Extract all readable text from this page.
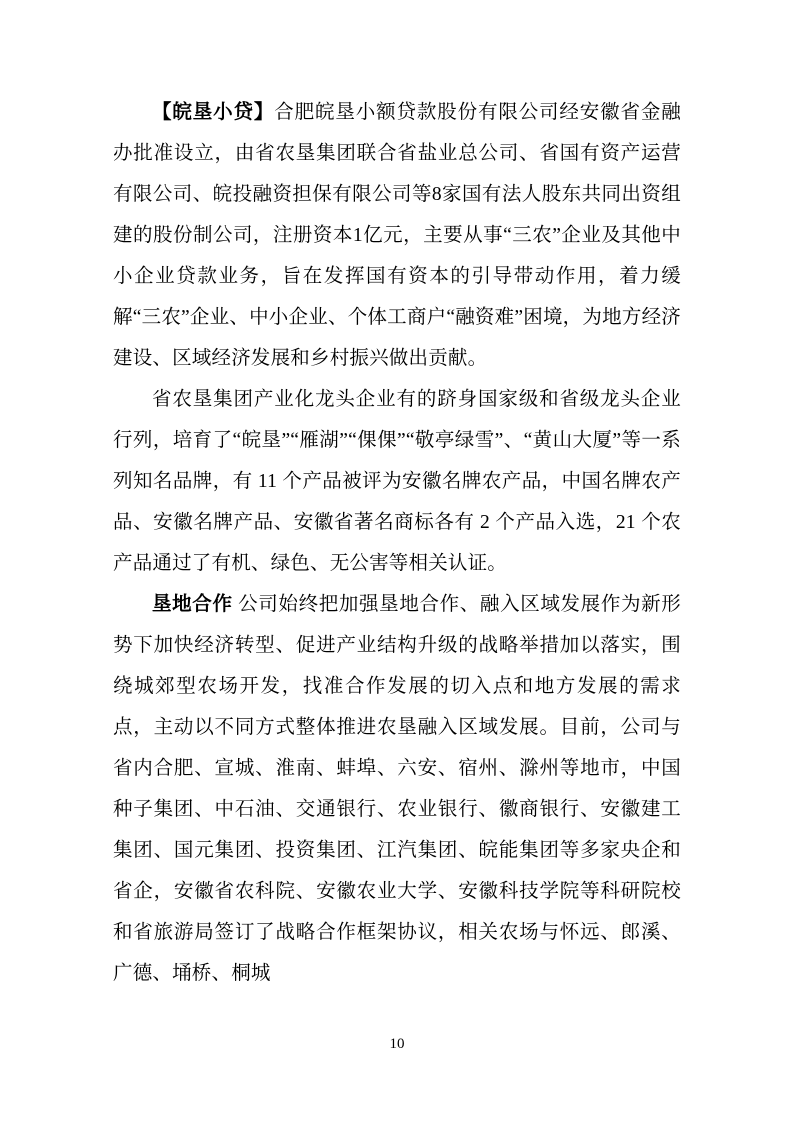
【皖垦小贷】合肥皖垦小额贷款股份有限公司经安徽省金融办批准设立，由省农垦集团联合省盐业总公司、省国有资产运营有限公司、皖投融资担保有限公司等8家国有法人股东共同出资组建的股份制公司，注册资本1亿元，主要从事“三农”企业及其他中小企业贷款业务，旨在发挥国有资本的引导带动作用，着力缓解“三农”企业、中小企业、个体工商户“融资难”困境，为地方经济建设、区域经济发展和乡村振兴做出贡献。

省农垦集团产业化龙头企业有的跻身国家级和省级龙头企业行列，培育了“皖垦”“雁湖”“倮倮”“敬亭绿雪”、“黄山大厦”等一系列知名品牌，有 11 个产品被评为安徽名牌农产品，中国名牌农产品、安徽名牌产品、安徽省著名商标各有 2 个产品入选，21 个农产品通过了有机、绿色、无公害等相关认证。

垦地合作 公司始终把加强垦地合作、融入区域发展作为新形势下加快经济转型、促进产业结构升级的战略举措加以落实，围绕城郊型农场开发，找准合作发展的切入点和地方发展的需求点，主动以不同方式整体推进农垦融入区域发展。目前，公司与省内合肥、宣城、淮南、蚌埠、六安、宿州、滁州等地市，中国种子集团、中石油、交通银行、农业银行、徽商银行、安徽建工集团、国元集团、投资集团、江汽集团、皖能集团等多家央企和省企，安徽省农科院、安徽农业大学、安徽科技学院等科研院校和省旅游局签订了战略合作框架协议，相关农场与怀远、郎溪、广德、埇桥、桐城

10
